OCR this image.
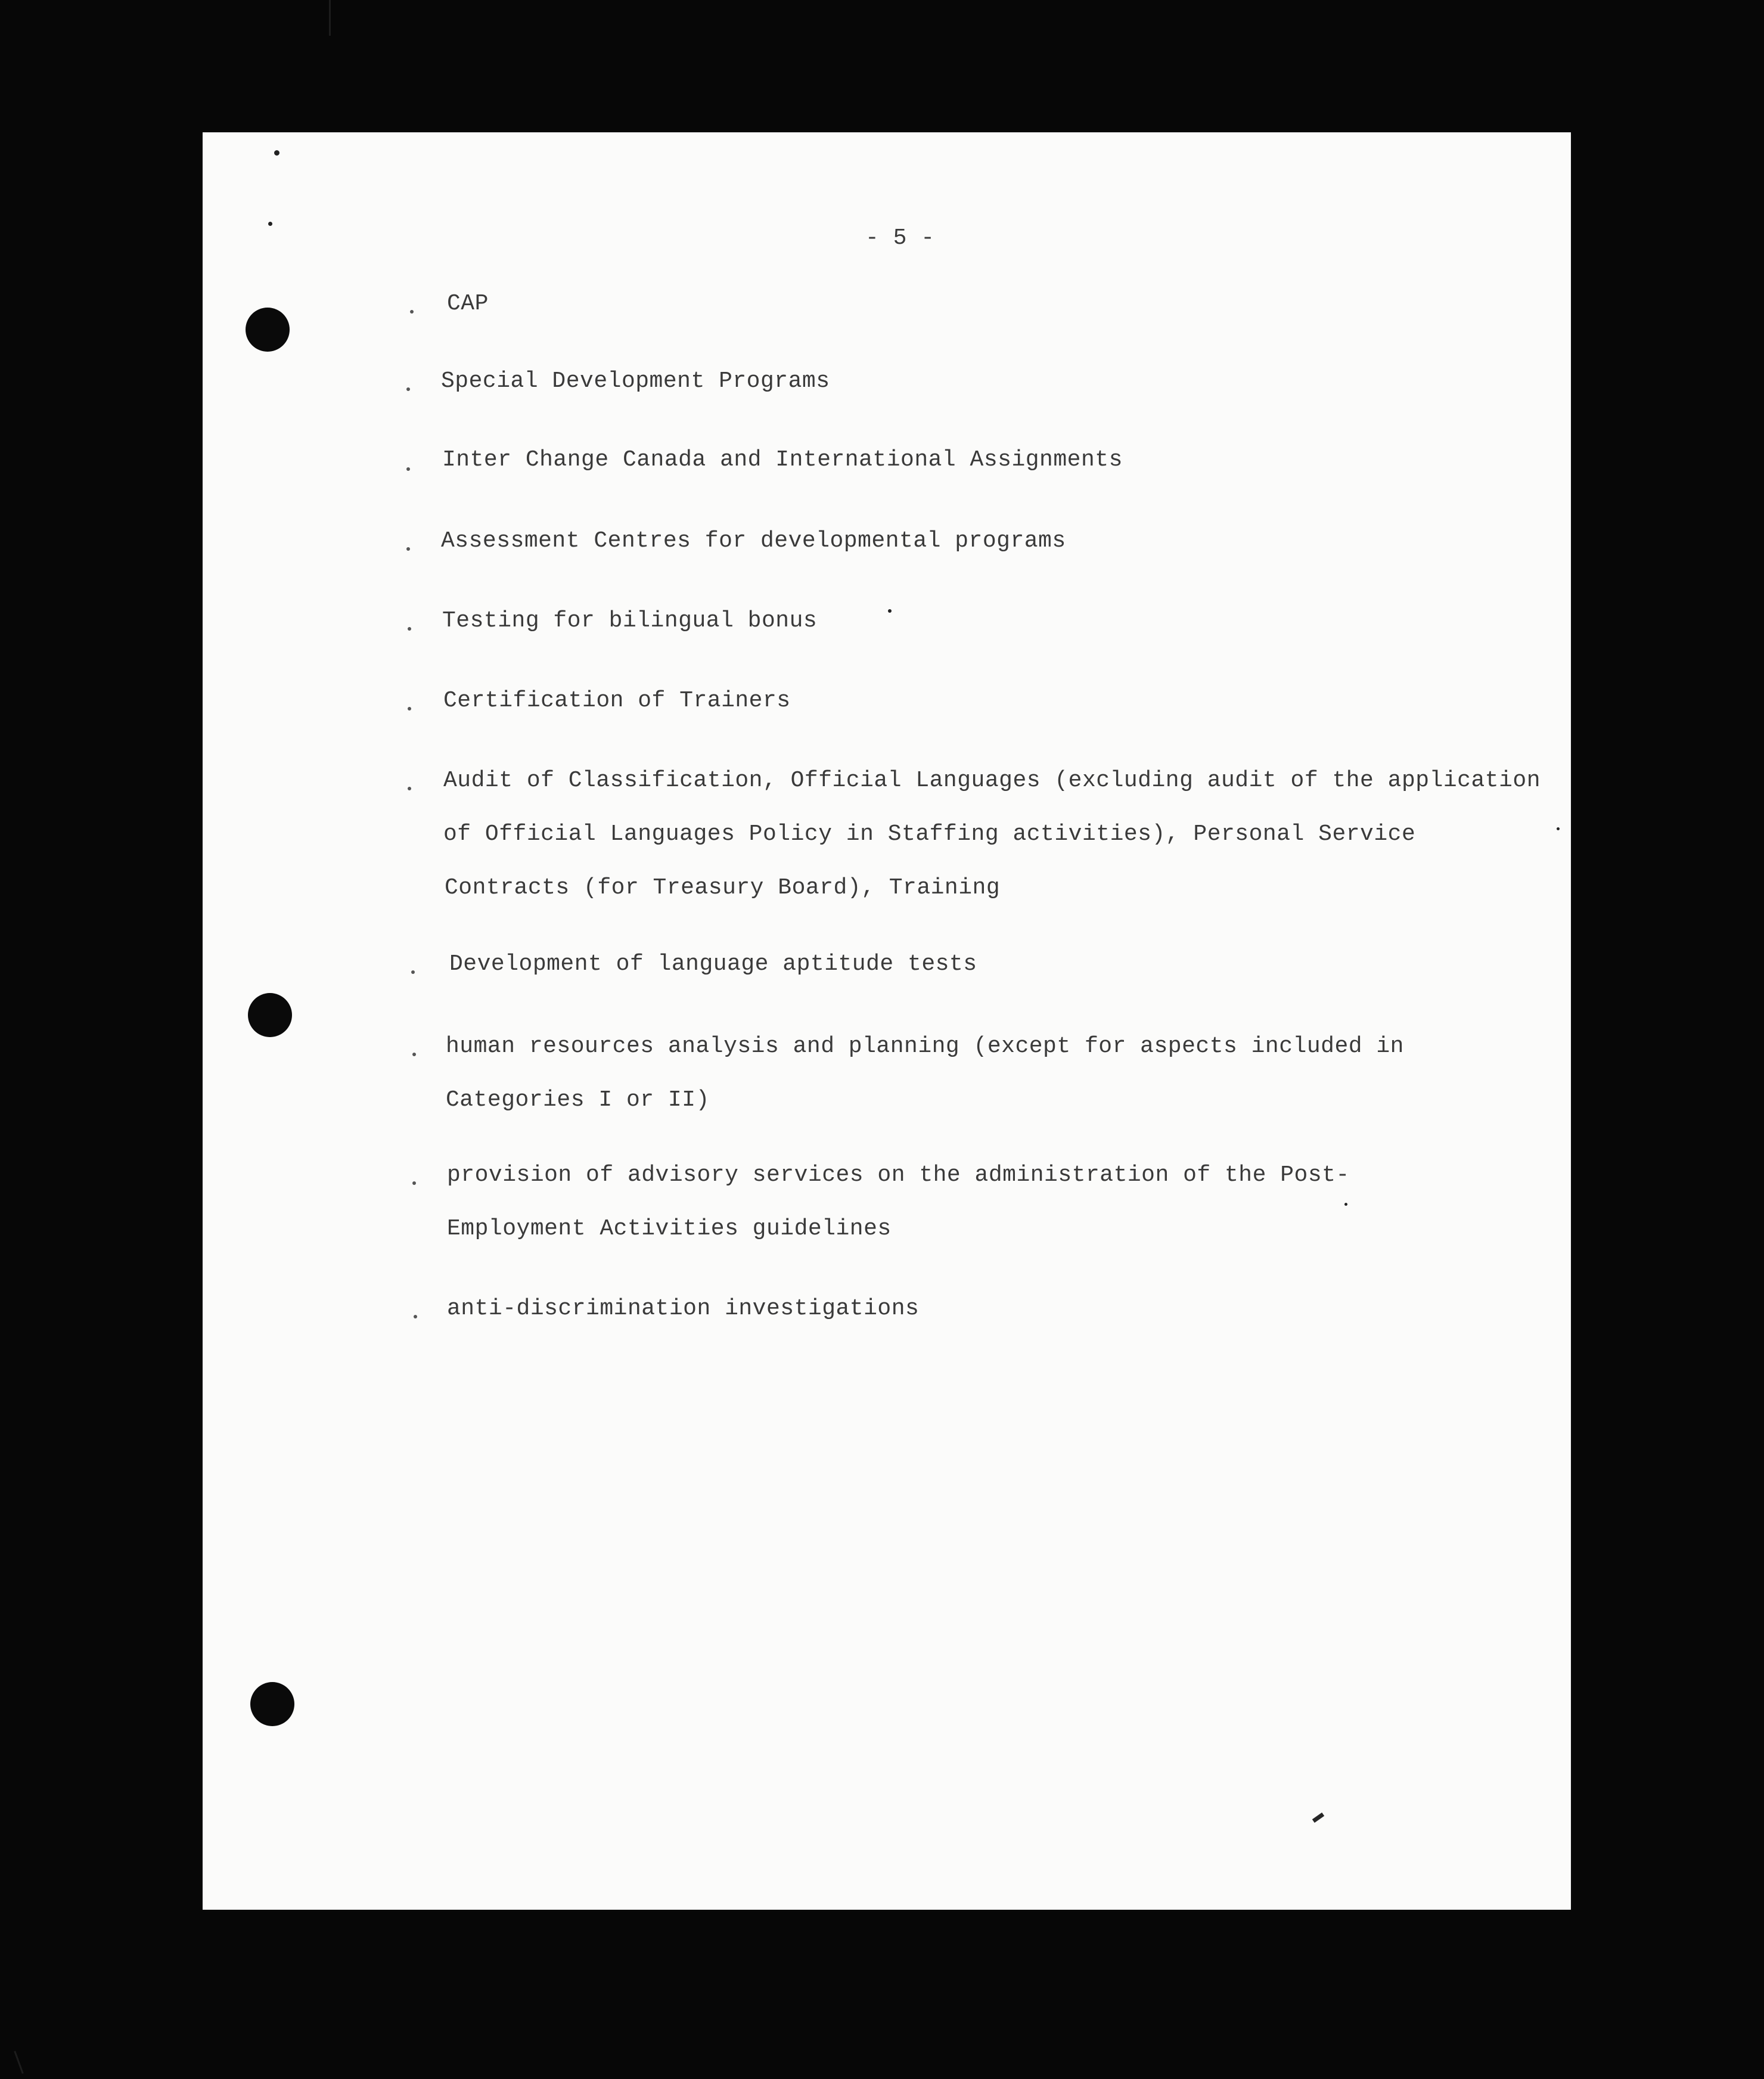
- 5 -
CAP
Special Development Programs
Inter Change Canada and International Assignments
Assessment Centres for developmental programs
Testing for bilingual bonus
Certification of Trainers
Audit of Classification, Official Languages (excluding audit of the application
of Official Languages Policy in Staffing activities), Personal Service
Contracts (for Treasury Board), Training
Development of language aptitude tests
human resources analysis and planning (except for aspects included in
Categories I or II)
provision of advisory services on the administration of the Post-
Employment Activities guidelines
anti-discrimination investigations
